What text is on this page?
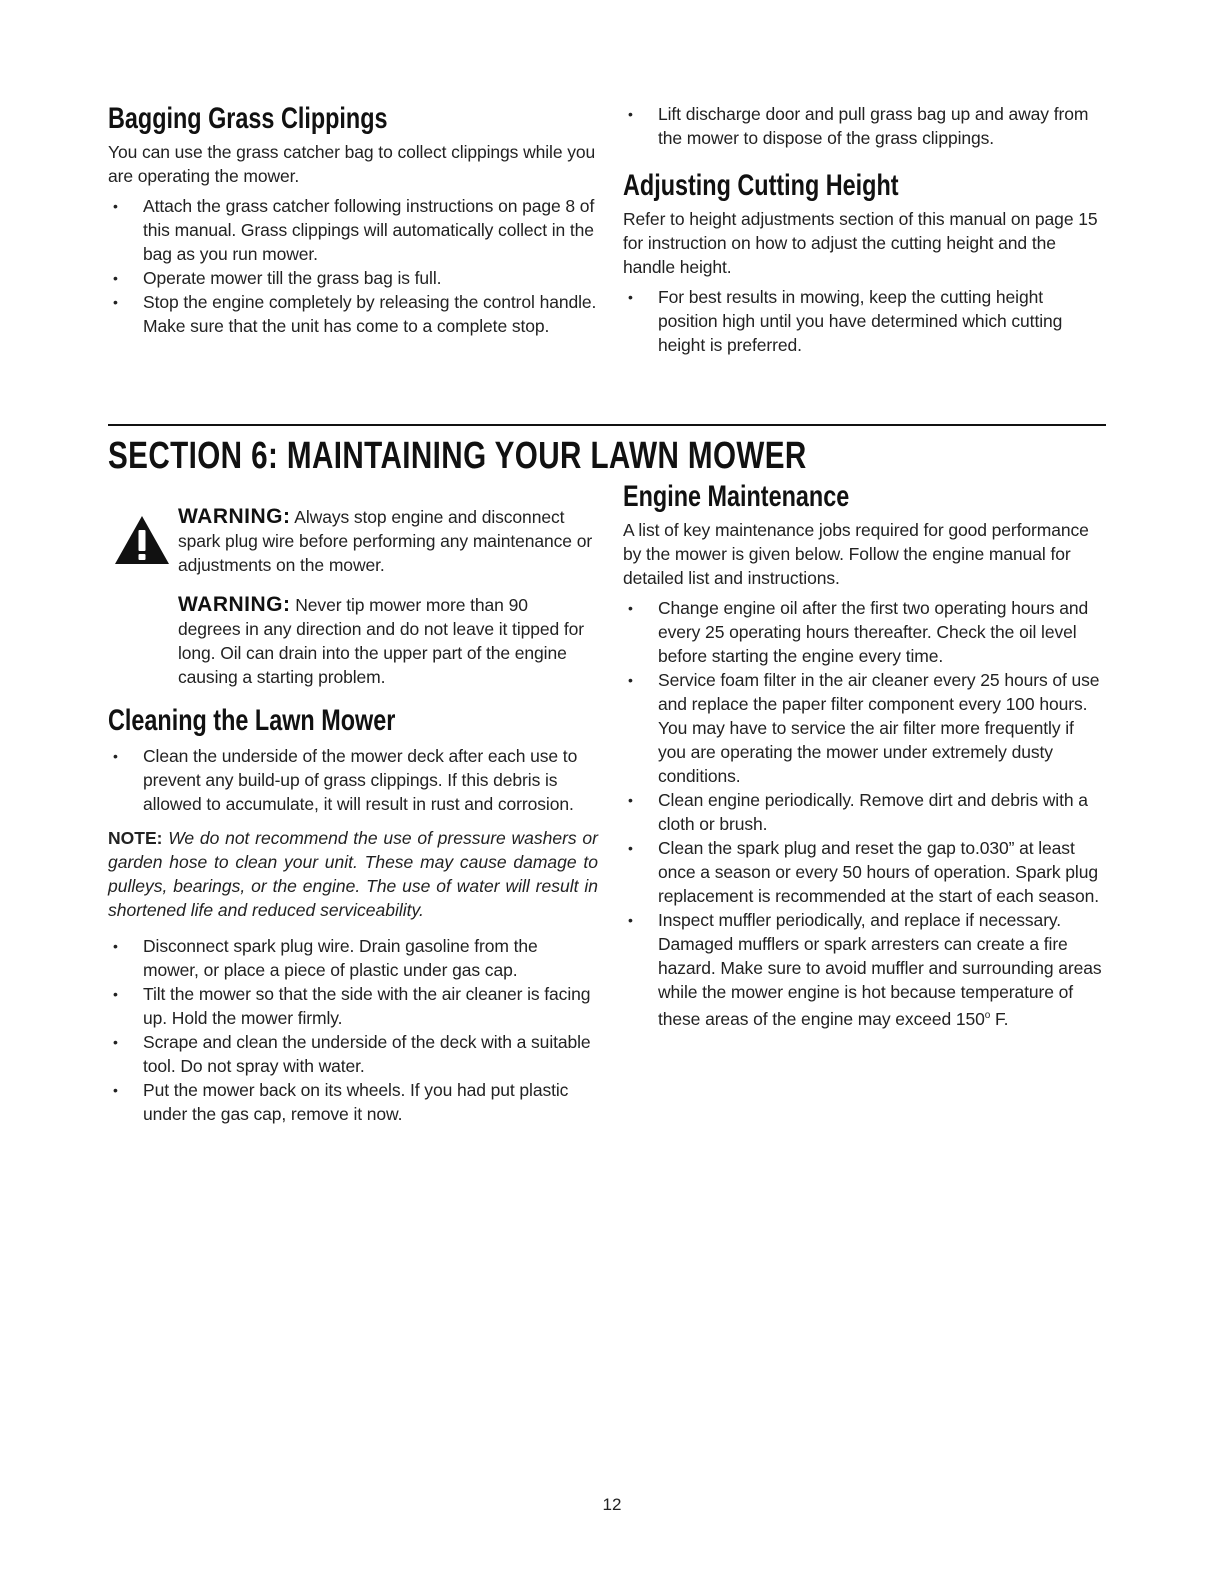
Bagging Grass Clippings

You can use the grass catcher bag to collect clippings while you are operating the mower.

• Attach the grass catcher following instructions on page 8 of this manual. Grass clippings will automatically collect in the bag as you run mower.
• Operate mower till the grass bag is full.
• Stop the engine completely by releasing the control handle. Make sure that the unit has come to a complete stop.
• Lift discharge door and pull grass bag up and away from the mower to dispose of the grass clippings.
Adjusting Cutting Height

Refer to height adjustments section of this manual on page 15 for instruction on how to adjust the cutting height and the handle height.

• For best results in mowing, keep the cutting height position high until you have determined which cutting height is preferred.
SECTION 6: MAINTAINING YOUR LAWN MOWER

WARNING: Always stop engine and disconnect spark plug wire before performing any maintenance or adjustments on the mower.

WARNING: Never tip mower more than 90 degrees in any direction and do not leave it tipped for long. Oil can drain into the upper part of the engine causing a starting problem.

Cleaning the Lawn Mower
• Clean the underside of the mower deck after each use to prevent any build-up of grass clippings. If this debris is allowed to accumulate, it will result in rust and corrosion.

NOTE: We do not recommend the use of pressure washers or garden hose to clean your unit. These may cause damage to pulleys, bearings, or the engine. The use of water will result in shortened life and reduced serviceability.

• Disconnect spark plug wire. Drain gasoline from the mower, or place a piece of plastic under gas cap.
• Tilt the mower so that the side with the air cleaner is facing up. Hold the mower firmly.
• Scrape and clean the underside of the deck with a suitable tool. Do not spray with water.
• Put the mower back on its wheels. If you had put plastic under the gas cap, remove it now.
Engine Maintenance

A list of key maintenance jobs required for good performance by the mower is given below. Follow the engine manual for detailed list and instructions.

• Change engine oil after the first two operating hours and every 25 operating hours thereafter. Check the oil level before starting the engine every time.
• Service foam filter in the air cleaner every 25 hours of use and replace the paper filter component every 100 hours. You may have to service the air filter more frequently if you are operating the mower under extremely dusty conditions.
• Clean engine periodically. Remove dirt and debris with a cloth or brush.
• Clean the spark plug and reset the gap to.030” at least once a season or every 50 hours of operation. Spark plug replacement is recommended at the start of each season.
• Inspect muffler periodically, and replace if necessary. Damaged mufflers or spark arresters can create a fire hazard. Make sure to avoid muffler and surrounding areas while the mower engine is hot because temperature of these areas of the engine may exceed 150$^o$ F.
12
